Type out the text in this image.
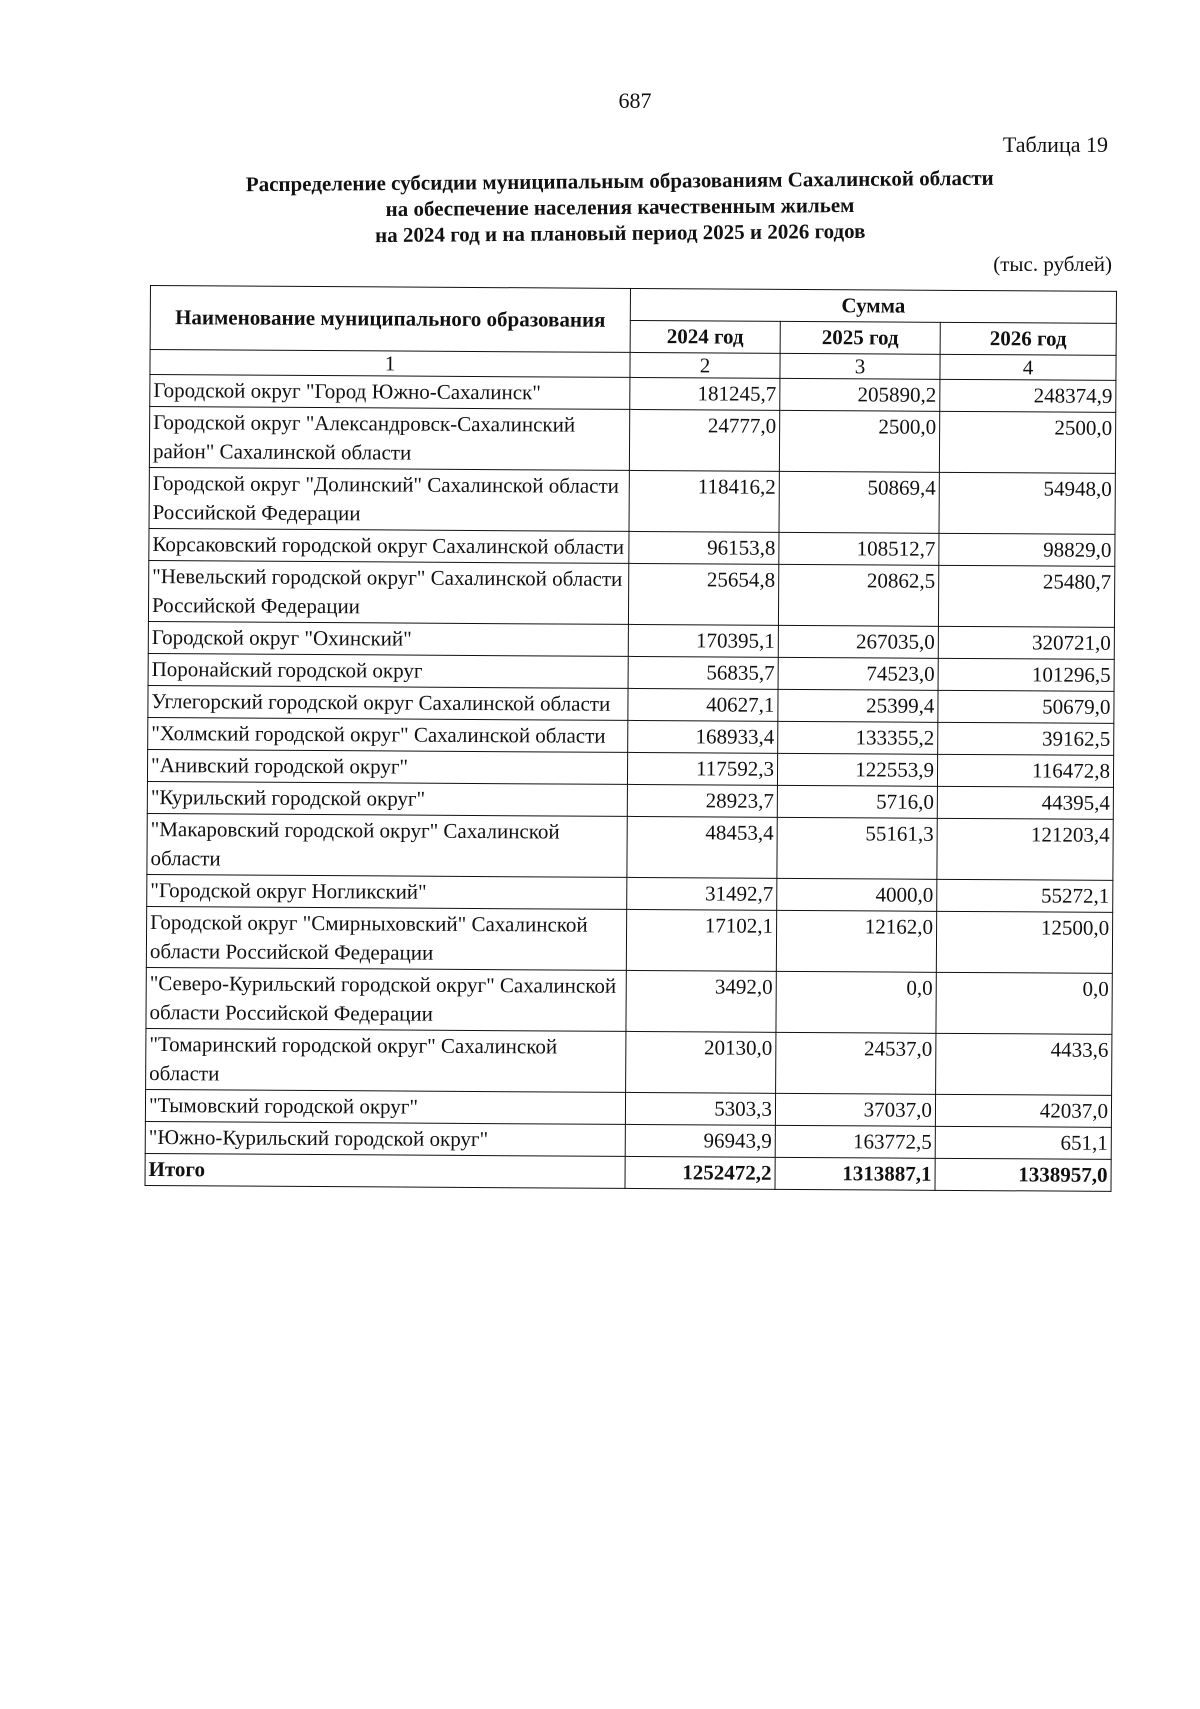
687
Таблица 19
Распределение субсидии муниципальным образованиям Сахалинской области
на обеспечение населения качественным жильем
на 2024 год и на плановый период 2025 и 2026 годов
(тыс. рублей)
Наименование муниципального образования	Сумма		
	2024 год	2025 год	2026 год
1	2	3	4
Городской округ "Город Южно-Сахалинск"	181245,7	205890,2	248374,9
Городской округ "Александровск-Сахалинский район" Сахалинской области	24777,0	2500,0	2500,0
Городской округ "Долинский" Сахалинской области Российской Федерации	118416,2	50869,4	54948,0
Корсаковский городской округ Сахалинской области	96153,8	108512,7	98829,0
"Невельский городской округ" Сахалинской области Российской Федерации	25654,8	20862,5	25480,7
Городской округ "Охинский"	170395,1	267035,0	320721,0
Поронайский городской округ	56835,7	74523,0	101296,5
Углегорский городской округ Сахалинской области	40627,1	25399,4	50679,0
"Холмский городской округ" Сахалинской области	168933,4	133355,2	39162,5
"Анивский городской округ"	117592,3	122553,9	116472,8
"Курильский городской округ"	28923,7	5716,0	44395,4
"Макаровский городской округ" Сахалинской области	48453,4	55161,3	121203,4
"Городской округ Ногликский"	31492,7	4000,0	55272,1
Городской округ "Смирныховский" Сахалинской области Российской Федерации	17102,1	12162,0	12500,0
"Северо-Курильский городской округ" Сахалинской области Российской Федерации	3492,0	0,0	0,0
"Томаринский городской округ" Сахалинской области	20130,0	24537,0	4433,6
"Тымовский городской округ"	5303,3	37037,0	42037,0
"Южно-Курильский городской округ"	96943,9	163772,5	651,1
Итого	1252472,2	1313887,1	1338957,0
